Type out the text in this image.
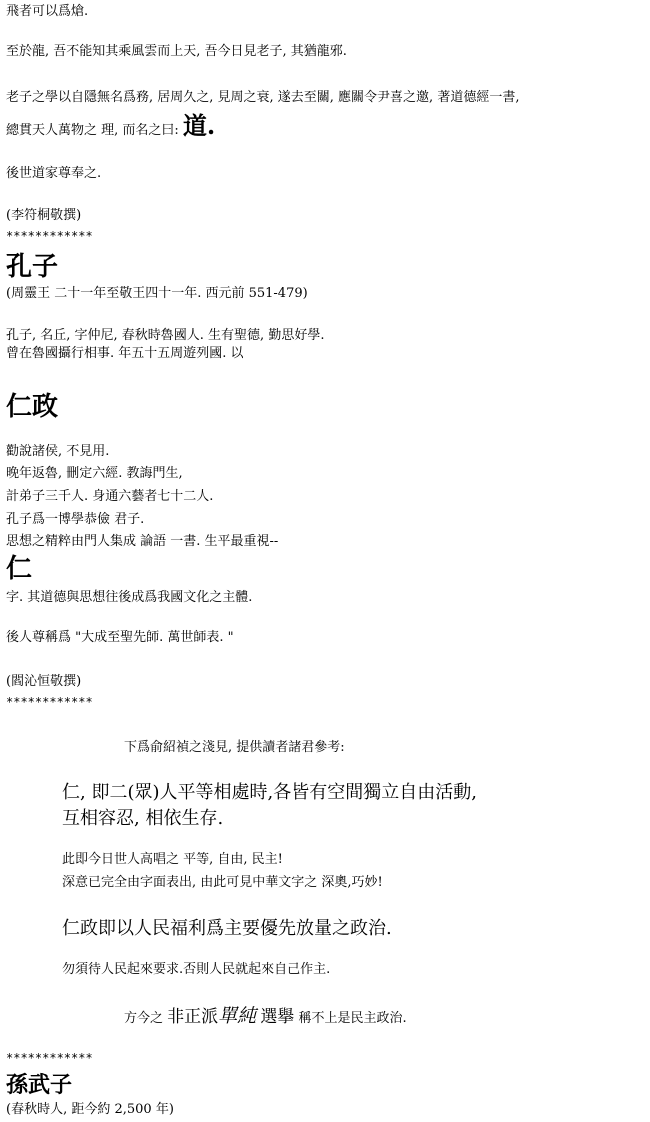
飛者可以爲熗.
至於龍, 吾不能知其乘風雲而上天, 吾今日見老子, 其猶龍邪.
老子之學以自隱無名爲務, 居周久之, 見周之衰, 遂去至關, 應關令尹喜之邀, 著道德經一書,
總貫天人萬物之 理, 而名之曰: 道.
後世道家尊奉之.
(李符桐敬撰)
************
孔子
(周靈王 二十一年至敬王四十一年. 西元前 551-479)
孔子, 名丘, 字仲尼, 春秋時魯國人. 生有聖德, 勤思好學.
曾在魯國攝行相事. 年五十五周遊列國. 以
仁政
勸說諸侯, 不見用.
晚年返魯, 刪定六經. 教誨門生,
計弟子三千人. 身通六藝者七十二人.
孔子爲一博學恭儉 君子.
思想之精粹由門人集成 論語 一書. 生平最重視--
仁
字. 其道德與思想往後成爲我國文化之主體.
後人尊稱爲 "大成至聖先師. 萬世師表. "
(閻沁恒敬撰)
************
下爲俞紹禎之淺見, 提供讀者諸君參考:
仁, 即二(眾)人平等相處時,各皆有空間獨立自由活動,
互相容忍, 相依生存.
此即今日世人高唱之 平等, 自由, 民主!
深意已完全由字面表出, 由此可見中華文字之 深奧,巧妙!
仁政即以人民福利爲主要優先放量之政治.
勿須待人民起來要求.否則人民就起來自己作主.
方今之 非正派單純 選擧 稱不上是民主政治.
************
孫武子
(春秋時人, 距今約 2,500 年)
